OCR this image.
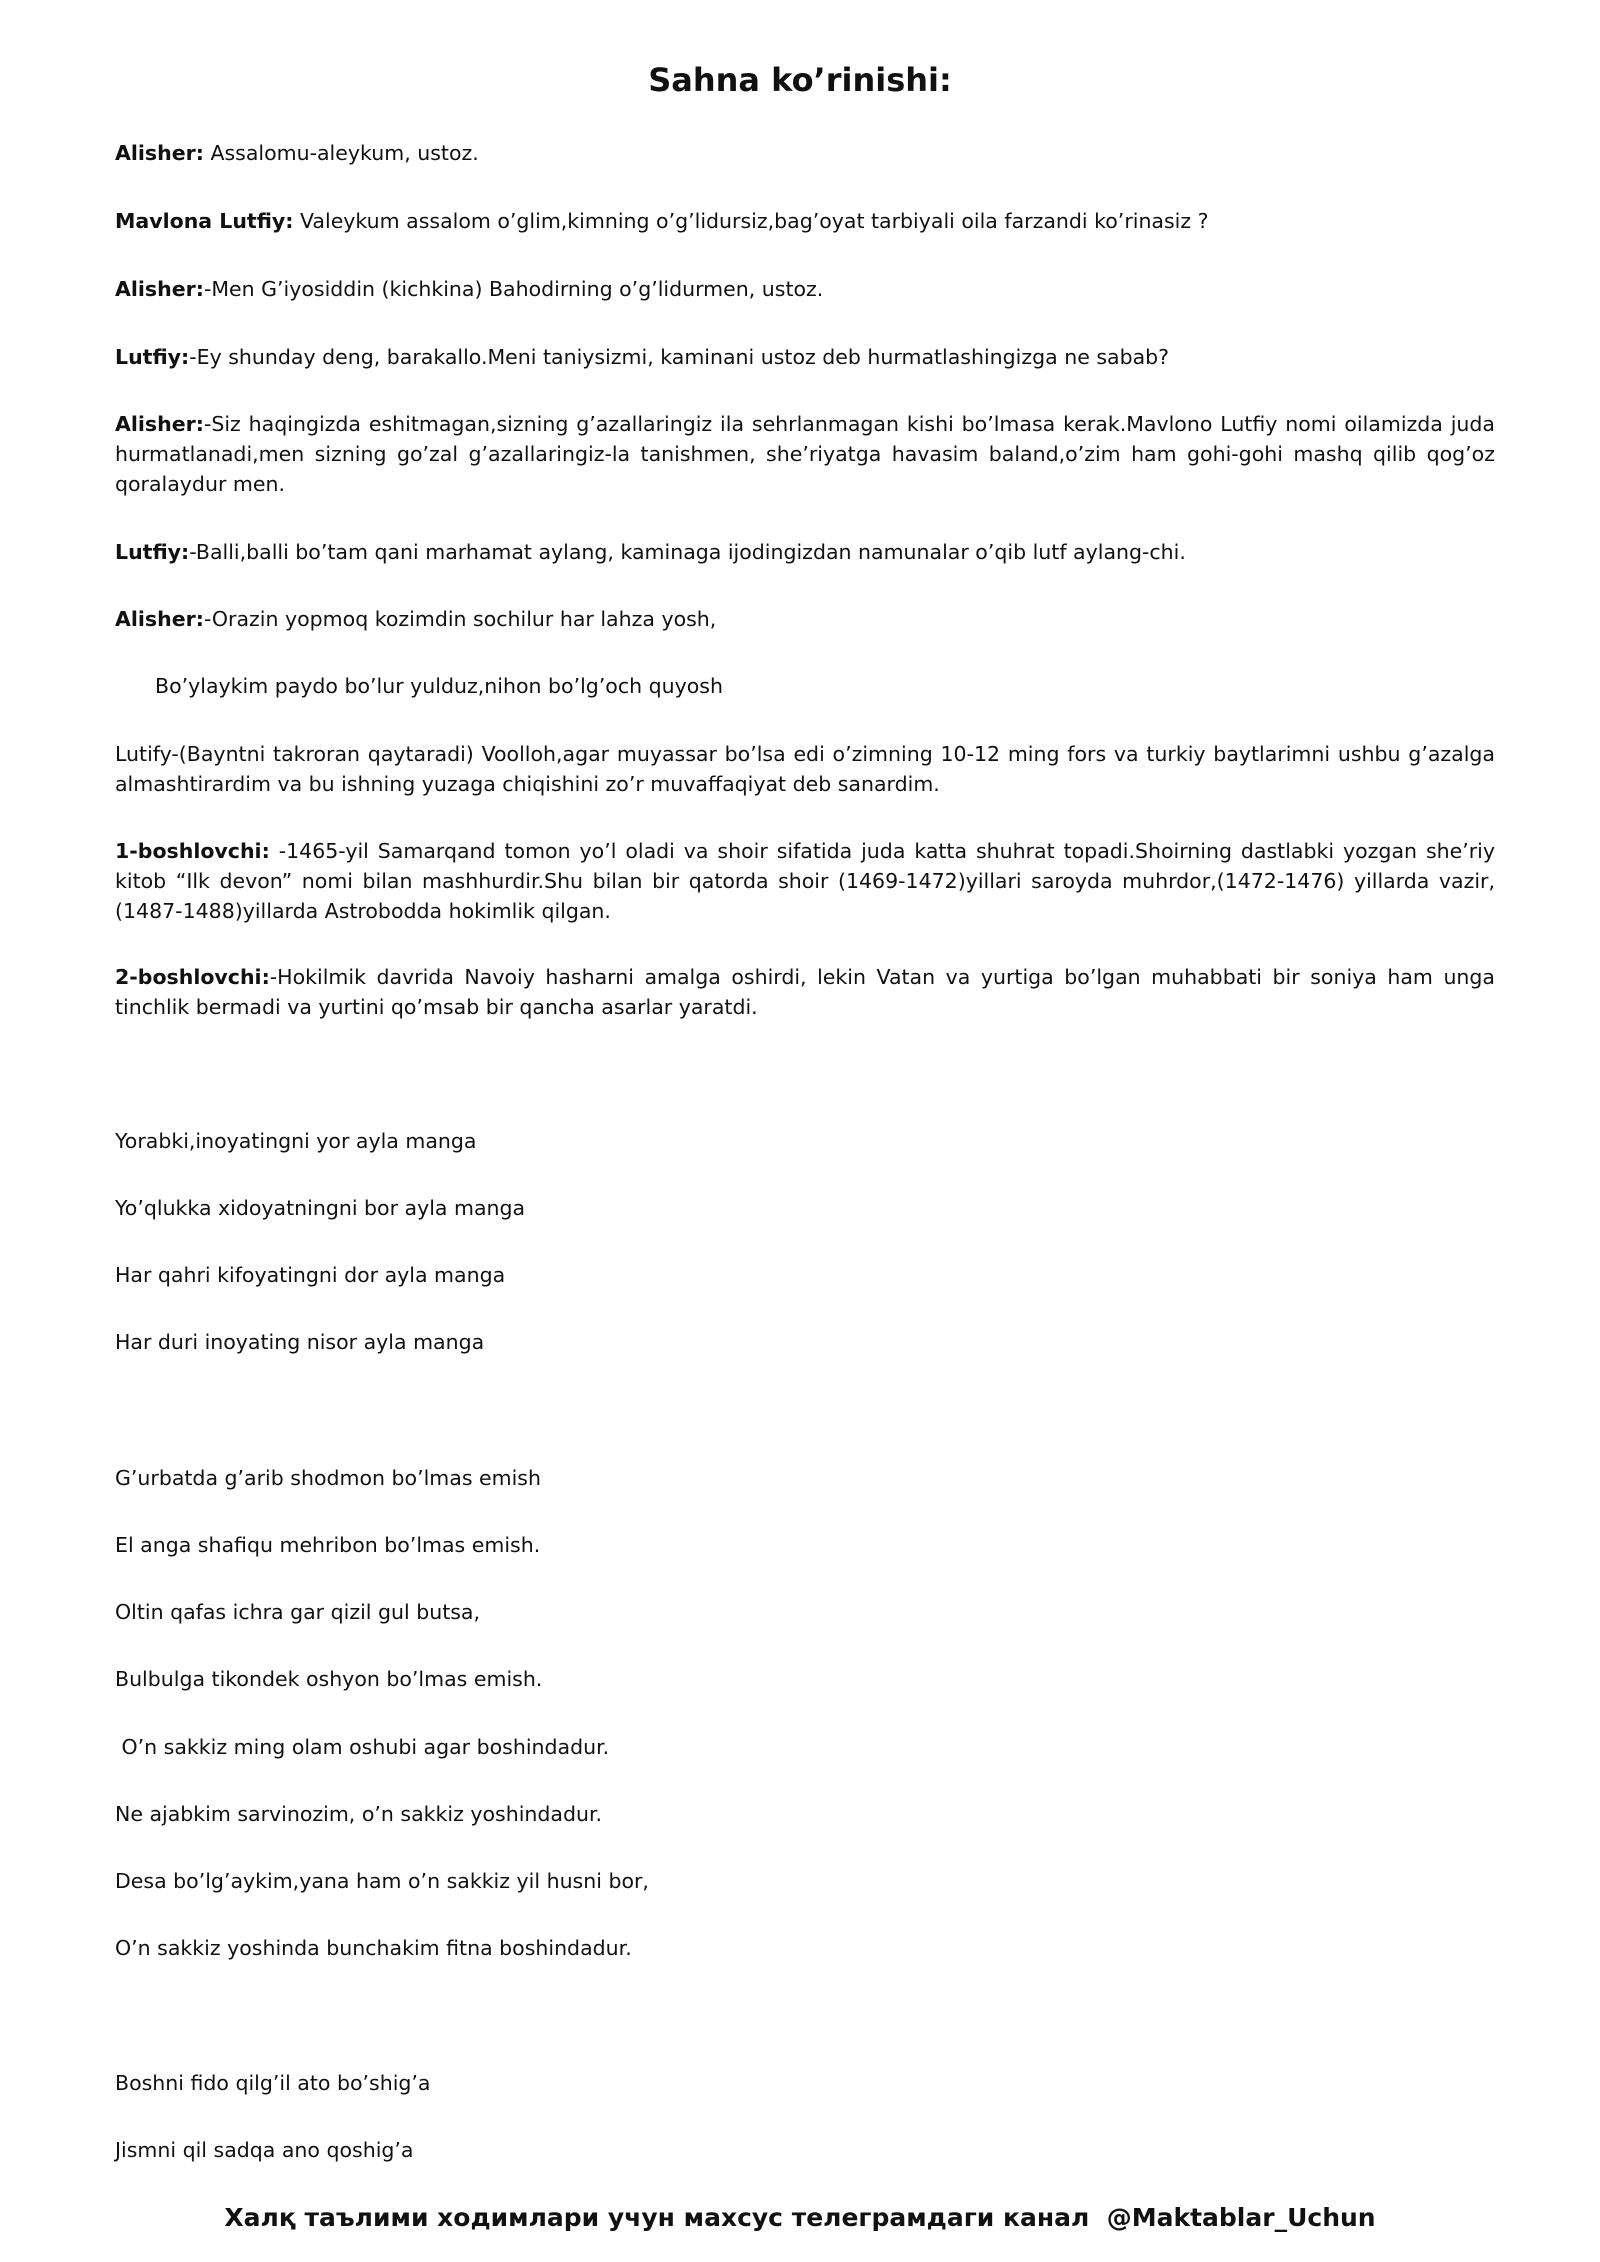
Sahna ko’rinishi:

Alisher: Assalomu-aleykum, ustoz.

Mavlona Lutfiy: Valeykum assalom o’glim,kimning o’g’lidursiz,bag’oyat tarbiyali oila farzandi ko’rinasiz ?

Alisher:-Men G’iyosiddin (kichkina) Bahodirning o’g’lidurmen, ustoz.

Lutfiy:-Ey shunday deng, barakallo.Meni taniysizmi, kaminani ustoz deb hurmatlashingizga ne sabab?

Alisher:-Siz haqingizda eshitmagan,sizning g’azallaringiz ila sehrlanmagan kishi bo’lmasa kerak.Mavlono Lutfiy nomi oilamizda juda hurmatlanadi,men sizning go’zal g’azallaringiz-la tanishmen, she’riyatga havasim baland,o’zim ham gohi-gohi mashq qilib qog’oz qoralaydur men.

Lutfiy:-Balli,balli bo’tam qani marhamat aylang, kaminaga ijodingizdan namunalar o’qib lutf aylang-chi.

Alisher:-Orazin yopmoq kozimdin sochilur har lahza yosh,

Bo’ylaykim paydo bo’lur yulduz,nihon bo’lg’och quyosh

Lutify-(Bayntni takroran qaytaradi) Voolloh,agar muyassar bo’lsa edi o’zimning 10-12 ming fors va turkiy baytlarimni ushbu g’azalga almashtirardim va bu ishning yuzaga chiqishini zo’r muvaffaqiyat deb sanardim.

1-boshlovchi: -1465-yil Samarqand tomon yo’l oladi va shoir sifatida juda katta shuhrat topadi.Shoirning dastlabki yozgan she’riy kitob “Ilk devon” nomi bilan mashhurdir.Shu bilan bir qatorda shoir (1469-1472)yillari saroyda muhrdor,(1472-1476) yillarda vazir,(1487-1488)yillarda Astrobodda hokimlik qilgan.

2-boshlovchi:-Hokilmik davrida Navoiy hasharni amalga oshirdi, lekin Vatan va yurtiga bo’lgan muhabbati bir soniya ham unga tinchlik bermadi va yurtini qo’msab bir qancha asarlar yaratdi.

Yorabki,inoyatingni yor ayla manga

Yo’qlukka xidoyatningni bor ayla manga

Har qahri kifoyatingni dor ayla manga

Har duri inoyating nisor ayla manga

G’urbatda g’arib shodmon bo’lmas emish

El anga shafiqu mehribon bo’lmas emish.

Oltin qafas ichra gar qizil gul butsa,

Bulbulga tikondek oshyon bo’lmas emish.

O’n sakkiz ming olam oshubi agar boshindadur.

Ne ajabkim sarvinozim, o’n sakkiz yoshindadur.

Desa bo’lg’aykim,yana ham o’n sakkiz yil husni bor,

O’n sakkiz yoshinda bunchakim fitna boshindadur.

Boshni fido qilg’il ato bo’shig’a

Jismni qil sadqa ano qoshig’a

Халқ таълими ходимлари учун махсус телеграмдаги канал  @Maktablar_Uchun
